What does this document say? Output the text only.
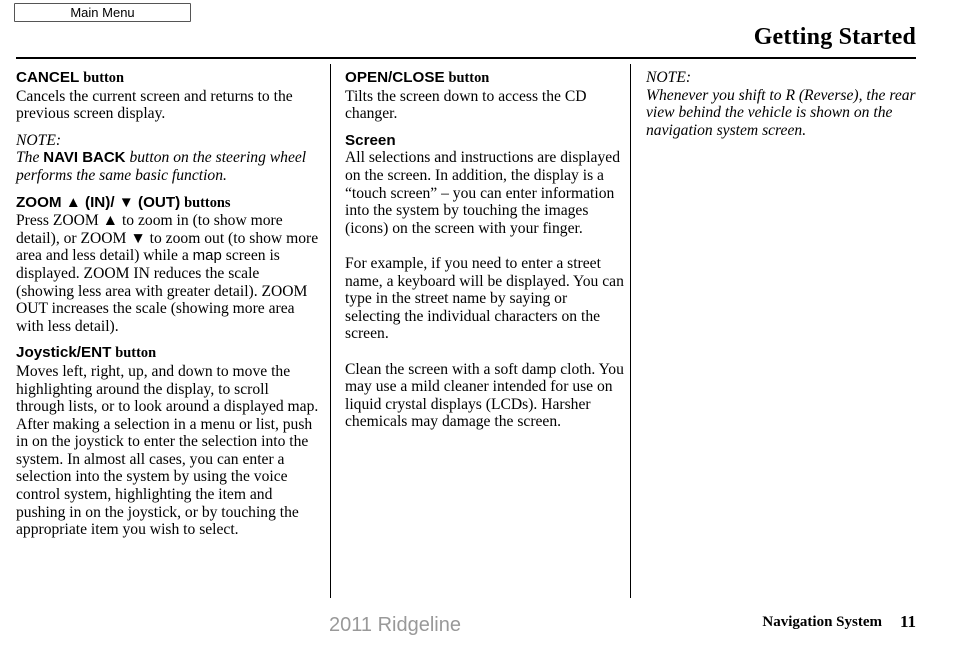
Main Menu
Getting Started

CANCEL button

Cancels the current screen and returns to the previous screen display.

NOTE:

The NAVI BACK button on the steering wheel performs the same basic function.

ZOOM ▲ (IN)/ ▼ (OUT) buttons

Press ZOOM ▲ to zoom in (to show more detail), or ZOOM ▼ to zoom out (to show more area and less detail) while a map screen is displayed. ZOOM IN reduces the scale (showing less area with greater detail). ZOOM OUT increases the scale (showing more area with less detail).

Joystick/ENT button

Moves left, right, up, and down to move the highlighting around the display, to scroll through lists, or to look around a displayed map. After making a selection in a menu or list, push in on the joystick to enter the selection into the system. In almost all cases, you can enter a selection into the system by using the voice control system, highlighting the item and pushing in on the joystick, or by touching the appropriate item you wish to select.

OPEN/CLOSE button

Tilts the screen down to access the CD changer.

Screen

All selections and instructions are displayed on the screen. In addition, the display is a “touch screen” – you can enter information into the system by touching the images (icons) on the screen with your finger.

For example, if you need to enter a street name, a keyboard will be displayed. You can type in the street name by saying or selecting the individual characters on the screen.

Clean the screen with a soft damp cloth. You may use a mild cleaner intended for use on liquid crystal displays (LCDs). Harsher chemicals may damage the screen.

NOTE:

Whenever you shift to R (Reverse), the rear view behind the vehicle is shown on the navigation system screen.

Navigation System 11
2011 Ridgeline
